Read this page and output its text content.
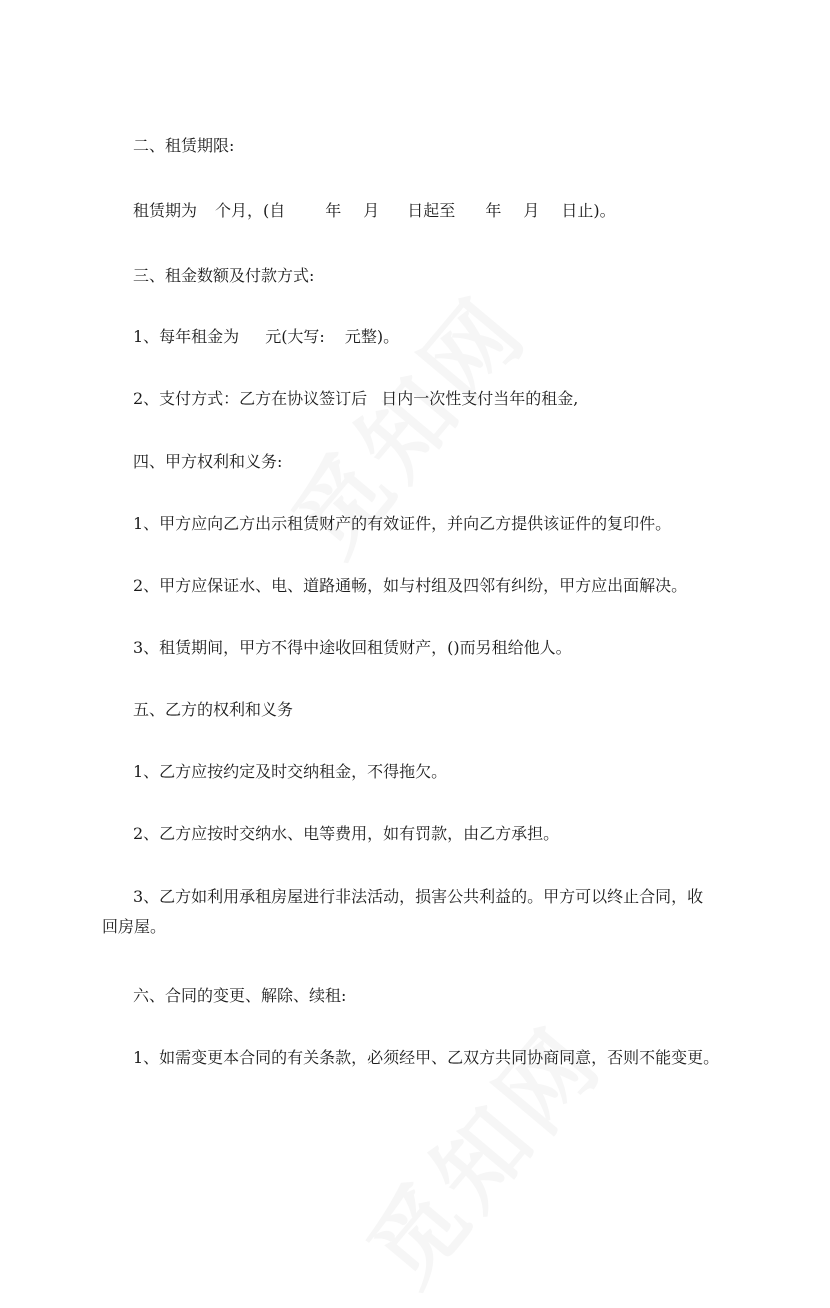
二、租赁期限:

租赁期为 个月，(自	年 月 日起至 年 月 日止)。

三、租金数额及付款方式:

1、每年租金为 元(大写: 元整)。

2、支付方式：乙方在协议签订后 日内一次性支付当年的租金,

四、甲方权利和义务:

1、甲方应向乙方出示租赁财产的有效证件，并向乙方提供该证件的复印件。

2、甲方应保证水、电、道路通畅，如与村组及四邻有纠纷，甲方应出面解决。

3、租赁期间，甲方不得中途收回租赁财产，()而另租给他人。

五、乙方的权利和义务

1、乙方应按约定及时交纳租金，不得拖欠。

2、乙方应按时交纳水、电等费用，如有罚款，由乙方承担。

3、乙方如利用承租房屋进行非法活动，损害公共利益的。甲方可以终止合同，收
回房屋。

六、合同的变更、解除、续租:

1、如需变更本合同的有关条款，必须经甲、乙双方共同协商同意，否则不能变更。
